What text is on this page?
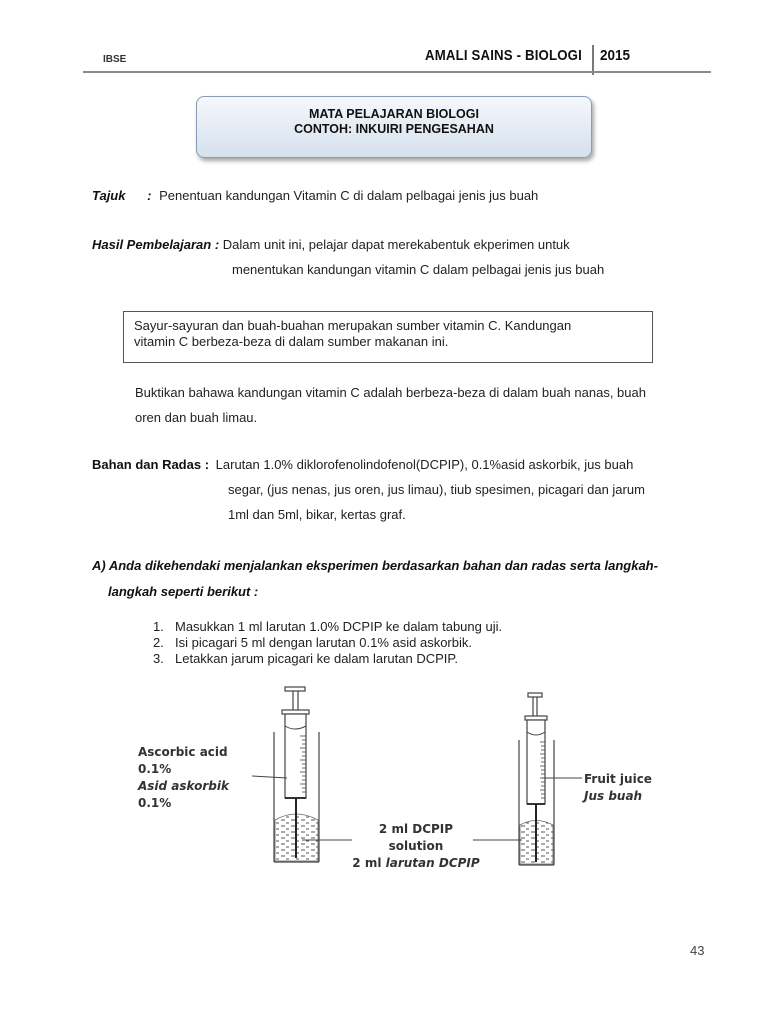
IBSE	AMALI SAINS - BIOLOGI 2015
MATA PELAJARAN BIOLOGI
CONTOH: INKUIRI PENGESAHAN
Tajuk : Penentuan kandungan Vitamin C di dalam pelbagai jenis jus buah
Hasil Pembelajaran : Dalam unit ini, pelajar dapat merekabentuk ekperimen untuk
menentukan kandungan vitamin C dalam pelbagai jenis jus buah
Sayur-sayuran dan buah-buahan merupakan sumber vitamin C. Kandungan
vitamin C berbeza-beza di dalam sumber makanan ini.
Buktikan bahawa kandungan vitamin C adalah berbeza-beza di dalam buah nanas, buah
oren dan buah limau.
Bahan dan Radas : Larutan 1.0% diklorofenolindofenol(DCPIP), 0.1%asid askorbik, jus buah
segar, (jus nenas, jus oren, jus limau), tiub spesimen, picagari dan jarum
1ml dan 5ml, bikar, kertas graf.
A) Anda dikehendaki menjalankan eksperimen berdasarkan bahan dan radas serta langkah-
langkah seperti berikut :
1. Masukkan 1 ml larutan 1.0% DCPIP ke dalam tabung uji.
2. Isi picagari 5 ml dengan larutan 0.1% asid askorbik.
3. Letakkan jarum picagari ke dalam larutan DCPIP.
Ascorbic acid
0.1%
Asid askorbik
0.1%
2 ml DCPIP
solution
2 ml larutan DCPIP
Fruit juice
Jus buah
43
